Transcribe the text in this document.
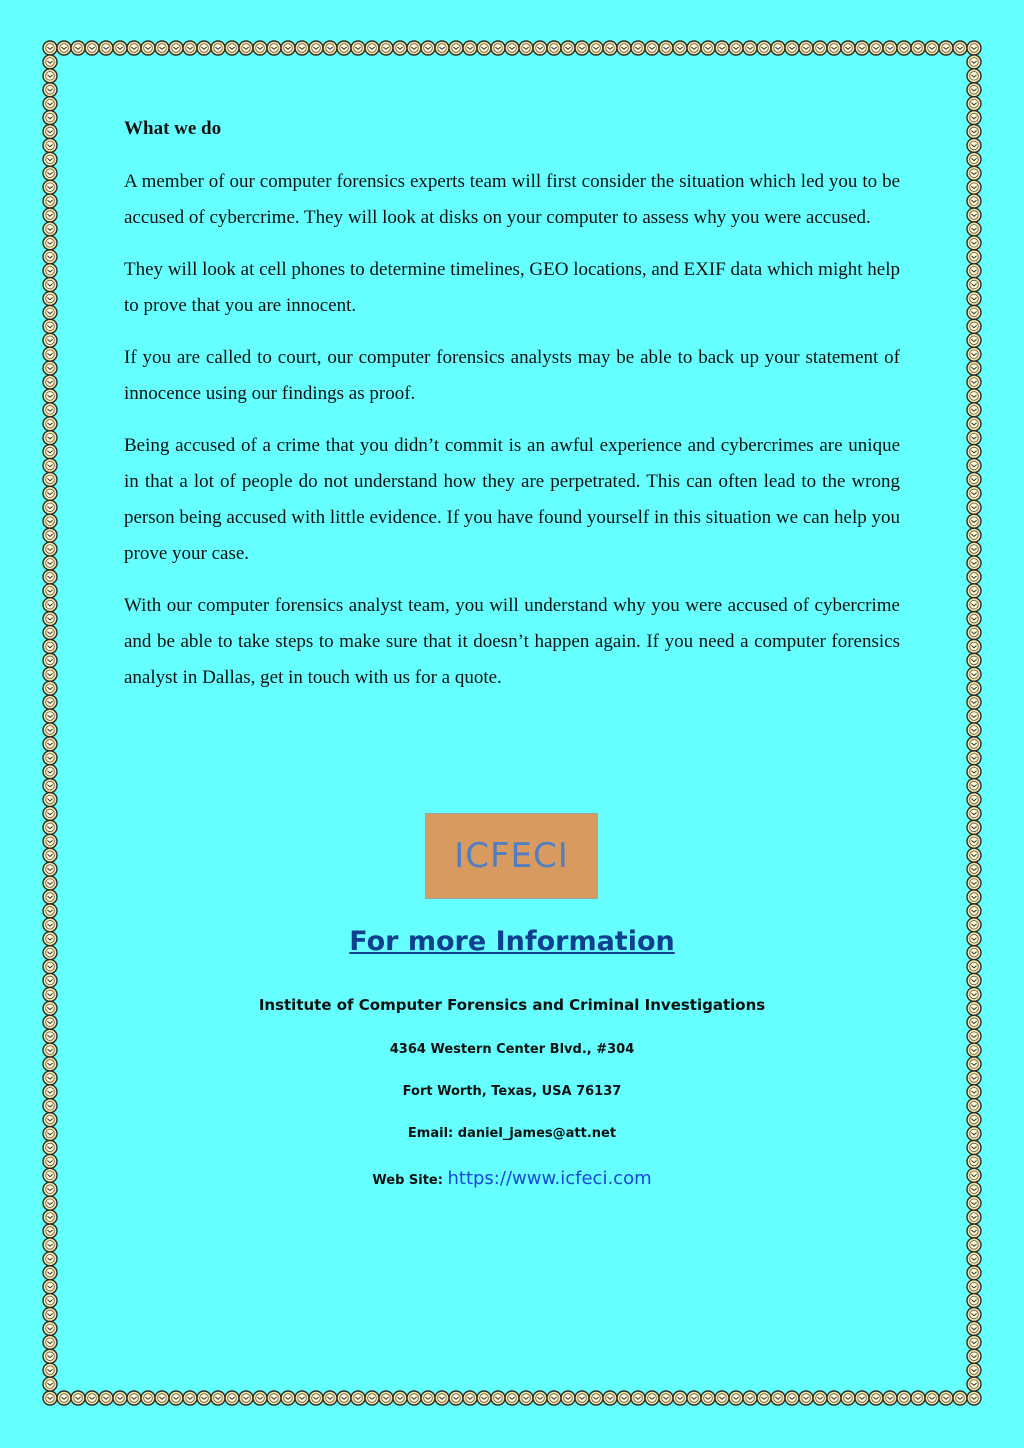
What we do

A member of our computer forensics experts team will first consider the situation which led you to be accused of cybercrime. They will look at disks on your computer to assess why you were accused.

They will look at cell phones to determine timelines, GEO locations, and EXIF data which might help to prove that you are innocent.

If you are called to court, our computer forensics analysts may be able to back up your statement of innocence using our findings as proof.

Being accused of a crime that you didn’t commit is an awful experience and cybercrimes are unique in that a lot of people do not understand how they are perpetrated. This can often lead to the wrong person being accused with little evidence. If you have found yourself in this situation we can help you prove your case.

With our computer forensics analyst team, you will understand why you were accused of cybercrime and be able to take steps to make sure that it doesn’t happen again. If you need a computer forensics analyst in Dallas, get in touch with us for a quote.

ICFECI
For more Information
Institute of Computer Forensics and Criminal Investigations
4364 Western Center Blvd., #304
Fort Worth, Texas, USA 76137
Email: daniel_james@att.net
Web Site: https://www.icfeci.com
